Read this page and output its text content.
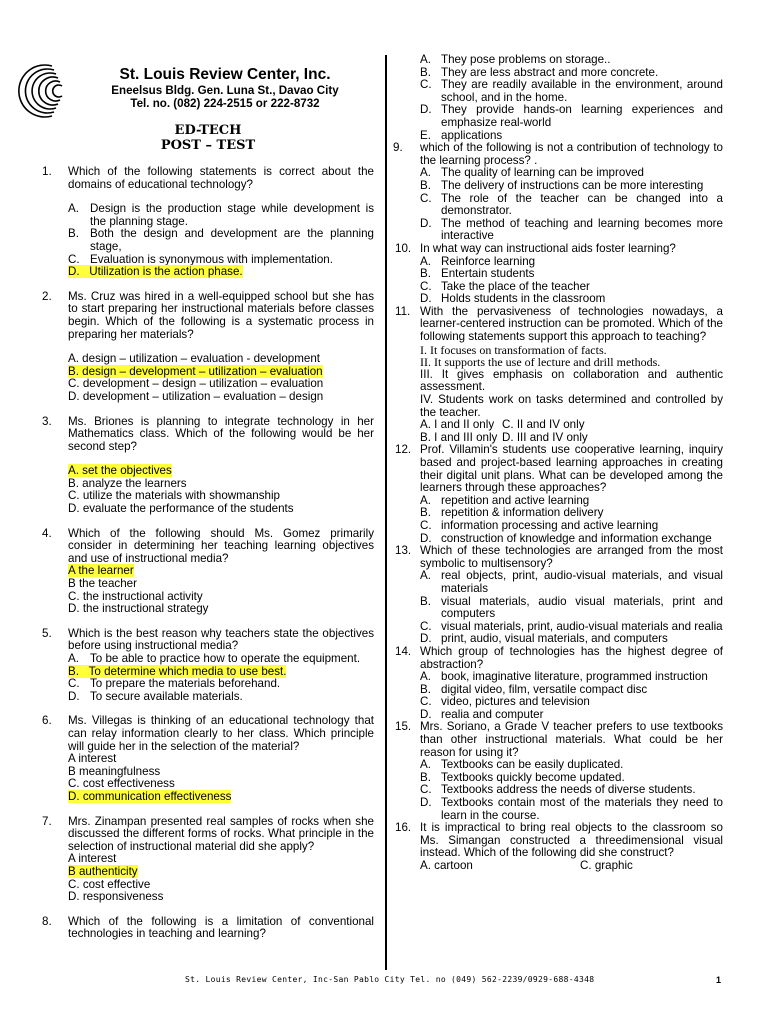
St. Louis Review Center, Inc.
Eneelsus Bldg. Gen. Luna St., Davao City
Tel. no. (082) 224-2515 or 222-8732
ED-TECH
POST – TEST
1.	Which of the following statements is correct about the domains of educational technology?
A. Design is the production stage while development is the planning stage.
B. Both the design and development are the planning stage,
C. Evaluation is synonymous with implementation.
D. Utilization is the action phase.
2.	Ms. Cruz was hired in a well-equipped school but she has to start preparing her instructional materials before classes begin. Which of the following is a systematic process in preparing her materials?
A. design – utilization – evaluation - development
B. design – development – utilization – evaluation
C. development – design – utilization – evaluation
D. development – utilization – evaluation – design
3.	Ms. Briones is planning to integrate technology in her Mathematics class. Which of the following would be her second step?
A. set the objectives
B. analyze the learners
C. utilize the materials with showmanship
D. evaluate the performance of the students
4.	Which of the following should Ms. Gomez primarily consider in determining her teaching learning objectives and use of instructional media?
A the learner
B the teacher
C. the instructional activity
D. the instructional strategy
5.	Which is the best reason why teachers state the objectives before using instructional media?
A. To be able to practice how to operate the equipment.
B. To determine which media to use best.
C. To prepare the materials beforehand.
D. To secure available materials.
6.	Ms. Villegas is thinking of an educational technology that can relay information clearly to her class. Which principle will guide her in the selection of the material?
A interest
B meaningfulness
C. cost effectiveness
D. communication effectiveness
7.	Mrs. Zinampan presented real samples of rocks when she discussed the different forms of rocks. What principle in the selection of instructional material did she apply?
A interest
B authenticity
C. cost effective
D. responsiveness
8.	Which of the following is a limitation of conventional technologies in teaching and learning?
A. They pose problems on storage..
B. They are less abstract and more concrete.
C. They are readily available in the environment, around school, and in the home.
D. They provide hands-on learning experiences and emphasize real-world
E. applications
9.	which of the following is not a contribution of technology to the learning process? .
A. The quality of learning can be improved
B. The delivery of instructions can be more interesting
C. The role of the teacher can be changed into a demonstrator.
D. The method of teaching and learning becomes more interactive
10. In what way can instructional aids foster learning?
A. Reinforce learning
B. Entertain students
C. Take the place of the teacher
D. Holds students in the classroom
11. With the pervasiveness of technologies nowadays, a learner-centered instruction can be promoted. Which of the following statements support this approach to teaching?
I. It focuses on transformation of facts.
II. It supports the use of lecture and drill methods.
III. It gives emphasis on collaboration and authentic assessment.
IV. Students work on tasks determined and controlled by the teacher.
A. I and II only C. II and IV only
B. I and III only D. III and IV only
12. Prof. Villamin's students use cooperative learning, inquiry based and project-based learning approaches in creating their digital unit plans. What can be developed among the learners through these approaches?
A. repetition and active learning
B. repetition & information delivery
C. information processing and active learning
D. construction of knowledge and information exchange
13. Which of these technologies are arranged from the most symbolic to multisensory?
A. real objects, print, audio-visual materials, and visual materials
B. visual materials, audio visual materials, print and computers
C. visual materials, print, audio-visual materials and realia
D. print, audio, visual materials, and computers
14. Which group of technologies has the highest degree of abstraction?
A. book, imaginative literature, programmed instruction
B. digital video, film, versatile compact disc
C. video, pictures and television
D. realia and computer
15. Mrs. Soriano, a Grade V teacher prefers to use textbooks than other instructional materials. What could be her reason for using it?
A. Textbooks can be easily duplicated.
B. Textbooks quickly become updated.
C. Textbooks address the needs of diverse students.
D. Textbooks contain most of the materials they need to learn in the course.
16. It is impractical to bring real objects to the classroom so Ms. Simangan constructed a threedimensional visual instead. Which of the following did she construct?
A. cartoon	C. graphic
St. Louis Review Center, Inc-San Pablo City Tel. no (049) 562-2239/0929-688-4348	1
